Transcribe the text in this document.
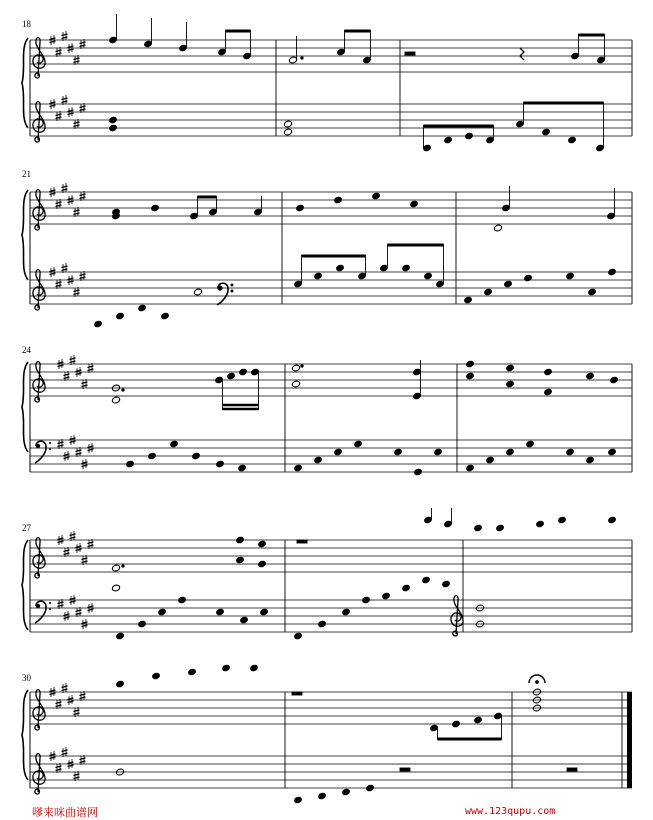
18
21
24
27
30
嗲来咪曲谱网	www.123qupu.com
